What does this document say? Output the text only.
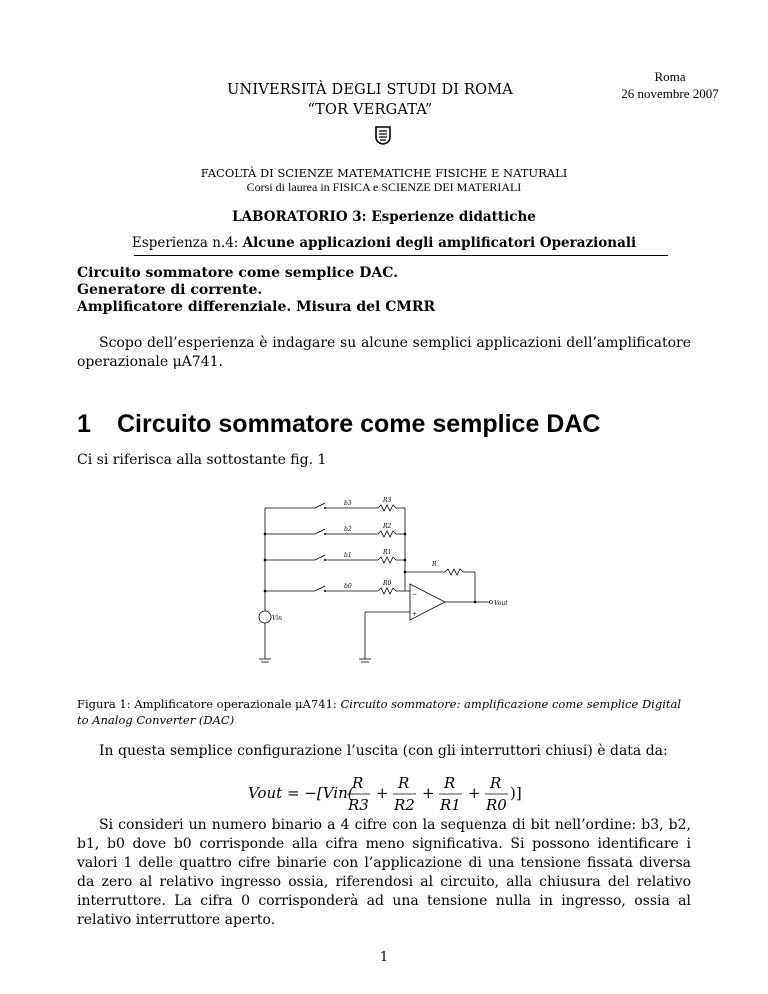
UNIVERSITÀ DEGLI STUDI DI ROMA
“TOR VERGATA”
Roma
26 novembre 2007
FACOLTÀ DI SCIENZE MATEMATICHE FISICHE E NATURALI
Corsi di laurea in FISICA e SCIENZE DEI MATERIALI
LABORATORIO 3: Esperienze didattiche
Esperienza n.4: Alcune applicazioni degli amplificatori Operazionali
Circuito sommatore come semplice DAC.
Generatore di corrente.
Amplificatore differenziale. Misura del CMRR
Scopo dell’esperienza è indagare su alcune semplici applicazioni dell’amplificatore operazionale μA741.
1 Circuito sommatore come semplice DAC
Ci si riferisca alla sottostante fig. 1
b3
b2
b1
b0
R3
R2
R1
R0
R
Vin
Vout
−
+
Figura 1: Amplificatore operazionale μA741: Circuito sommatore: amplificazione come semplice Digital to Analog Converter (DAC)
In questa semplice configurazione l’uscita (con gli interruttori chiusi) è data da:
Vout = −[Vin(
R
R3
+
R
R2
+
R
R1
+
R
R0
)]
Si consideri un numero binario a 4 cifre con la sequenza di bit nell’ordine: b3, b2, b1, b0 dove b0 corrisponde alla cifra meno significativa. Si possono identificare i valori 1 delle quattro cifre binarie con l’applicazione di una tensione fissata diversa da zero al relativo ingresso ossia, riferendosi al circuito, alla chiusura del relativo interruttore. La cifra 0 corrisponderà ad una tensione nulla in ingresso, ossia al relativo interruttore aperto.
1
